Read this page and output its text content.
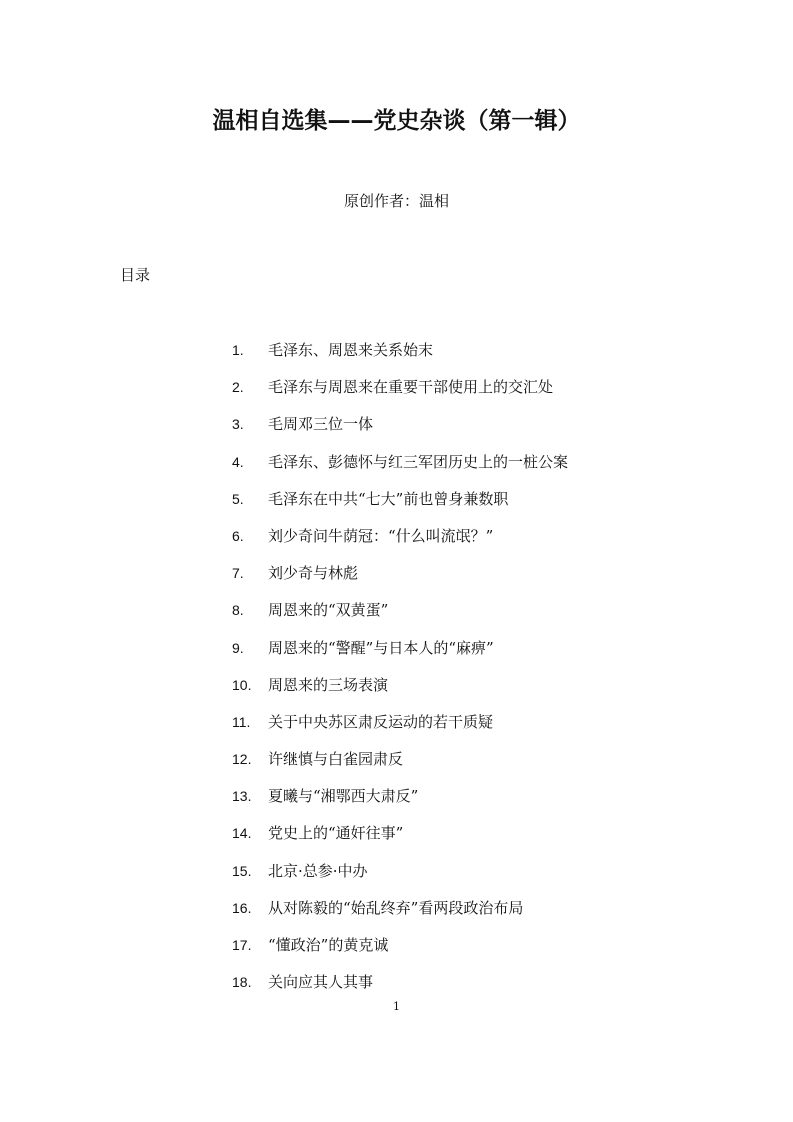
温相自选集——党史杂谈（第一辑）
原创作者：温相
目录
1. 毛泽东、周恩来关系始末
2. 毛泽东与周恩来在重要干部使用上的交汇处
3. 毛周邓三位一体
4. 毛泽东、彭德怀与红三军团历史上的一桩公案
5. 毛泽东在中共“七大”前也曾身兼数职
6. 刘少奇问牛荫冠：“什么叫流氓？”
7. 刘少奇与林彪
8. 周恩来的“双黄蛋”
9. 周恩来的“警醒”与日本人的“麻痹”
10. 周恩来的三场表演
11. 关于中央苏区肃反运动的若干质疑
12. 许继慎与白雀园肃反
13. 夏曦与“湘鄂西大肃反”
14. 党史上的“通奸往事”
15. 北京·总参·中办
16. 从对陈毅的“始乱终弃”看两段政治布局
17. “懂政治”的黄克诚
18. 关向应其人其事
1
